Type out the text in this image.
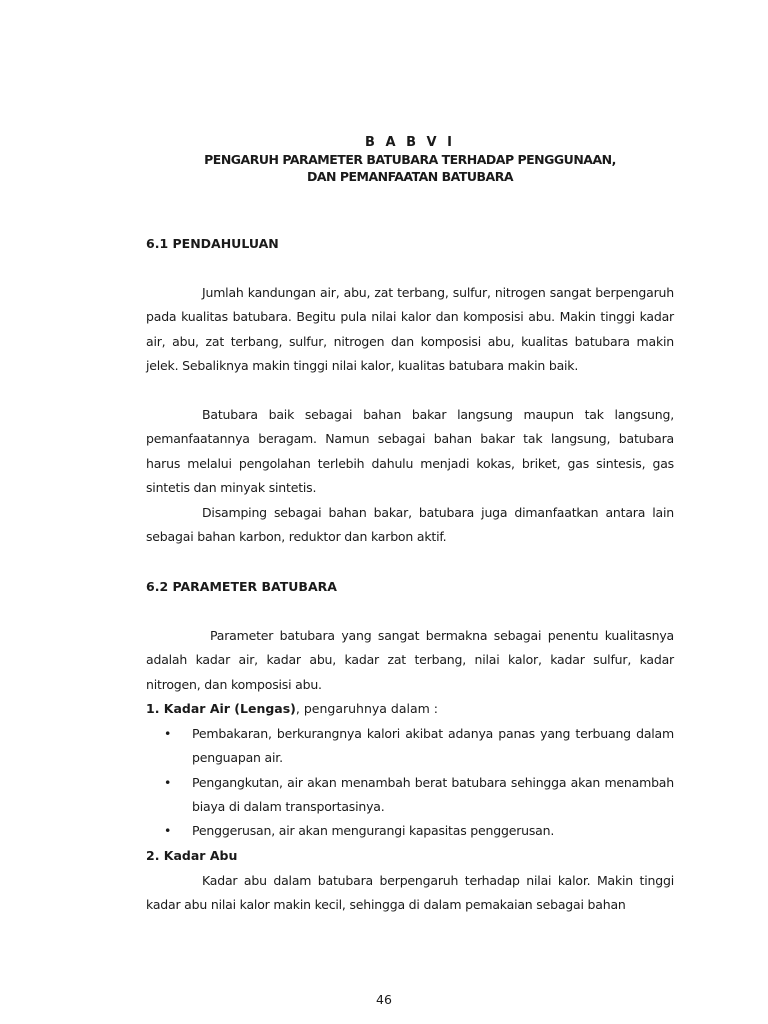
B A B V I
PENGARUH PARAMETER BATUBARA TERHADAP PENGGUNAAN,
DAN PEMANFAATAN BATUBARA
6.1 PENDAHULUAN

Jumlah kandungan air, abu, zat terbang, sulfur, nitrogen sangat berpengaruh pada kualitas batubara. Begitu pula nilai kalor dan komposisi abu. Makin tinggi kadar air, abu, zat terbang, sulfur, nitrogen dan komposisi abu, kualitas batubara makin jelek. Sebaliknya makin tinggi nilai kalor, kualitas batubara makin baik.

Batubara baik sebagai bahan bakar langsung maupun tak langsung, pemanfaatannya beragam. Namun sebagai bahan bakar tak langsung, batubara harus melalui pengolahan terlebih dahulu menjadi kokas, briket, gas sintesis, gas sintetis dan minyak sintetis.

Disamping sebagai bahan bakar, batubara juga dimanfaatkan antara lain sebagai bahan karbon, reduktor dan karbon aktif.

6.2 PARAMETER BATUBARA

Parameter batubara yang sangat bermakna sebagai penentu kualitasnya adalah kadar air, kadar abu, kadar zat terbang, nilai kalor, kadar sulfur, kadar nitrogen, dan komposisi abu.

1. Kadar Air (Lengas), pengaruhnya dalam :
• Pembakaran, berkurangnya kalori akibat adanya panas yang terbuang dalam penguapan air.
• Pengangkutan, air akan menambah berat batubara sehingga akan menambah biaya di dalam transportasinya.
• Penggerusan, air akan mengurangi kapasitas penggerusan.
2. Kadar Abu

Kadar abu dalam batubara berpengaruh terhadap nilai kalor. Makin tinggi kadar abu nilai kalor makin kecil, sehingga di dalam pemakaian sebagai bahan

46
